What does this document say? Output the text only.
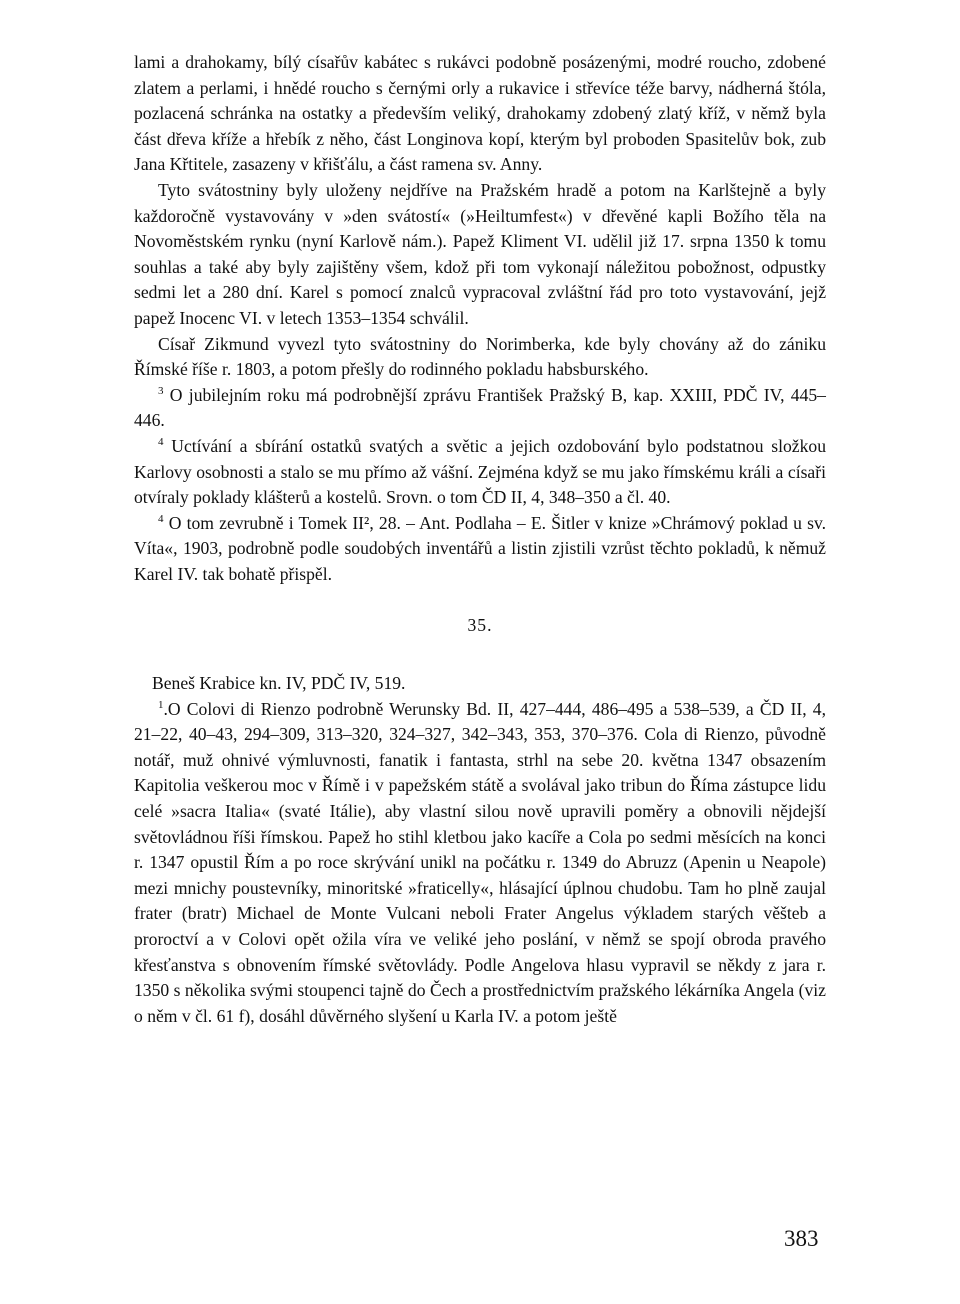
lami a drahokamy, bílý císařův kabátec s rukávci podobně posázenými, modré roucho, zdobené zlatem a perlami, i hnědé roucho s černými orly a rukavice i střevíce téže barvy, nádherná štóla, pozlacená schránka na ostatky a především veliký, drahokamy zdobený zlatý kříž, v němž byla část dřeva kříže a hřebík z něho, část Longinova kopí, kterým byl proboden Spasitelův bok, zub Jana Křtitele, zasazeny v křišťálu, a část ramena sv. Anny.

Tyto svátostniny byly uloženy nejdříve na Pražském hradě a potom na Karlštejně a byly každoročně vystavovány v »den svátostí« (»Heiltumfest«) v dřevěné kapli Božího těla na Novoměstském rynku (nyní Karlově nám.). Papež Kliment VI. udělil již 17. srpna 1350 k tomu souhlas a také aby byly zajištěny všem, kdož při tom vykonají náležitou pobožnost, odpustky sedmi let a 280 dní. Karel s pomocí znalců vypracoval zvláštní řád pro toto vystavování, jejž papež Inocenc VI. v letech 1353–1354 schválil.

Císař Zikmund vyvezl tyto svátostniny do Norimberka, kde byly chovány až do zániku Římské říše r. 1803, a potom přešly do rodinného pokladu habsburského.

$^3$ O jubilejním roku má podrobnější zprávu František Pražský B, kap. XXIII, PDČ IV, 445–446.

$^4$ Uctívání a sbírání ostatků svatých a světic a jejich ozdobování bylo podstatnou složkou Karlovy osobnosti a stalo se mu přímo až vášní. Zejména když se mu jako římskému králi a císaři otvíraly poklady klášterů a kostelů. Srovn. o tom ČD II, 4, 348–350 a čl. 40.

$^4$ O tom zevrubně i Tomek II², 28. – Ant. Podlaha – E. Šitler v knize »Chrámový poklad u sv. Víta«, 1903, podrobně podle soudobých inventářů a listin zjistili vzrůst těchto pokladů, k němuž Karel IV. tak bohatě přispěl.

35.

Beneš Krabice kn. IV, PDČ IV, 519.

$^1$.O Colovi di Rienzo podrobně Werunsky Bd. II, 427–444, 486–495 a 538–539, a ČD II, 4, 21–22, 40–43, 294–309, 313–320, 324–327, 342–343, 353, 370–376. Cola di Rienzo, původně notář, muž ohnivé výmluvnosti, fanatik i fantasta, strhl na sebe 20. května 1347 obsazením Kapitolia veškerou moc v Římě i v papežském státě a svolával jako tribun do Říma zástupce lidu celé »sacra Italia« (svaté Itálie), aby vlastní silou nově upravili poměry a obnovili nějdejší světovládnou říši římskou. Papež ho stihl kletbou jako kacíře a Cola po sedmi měsících na konci r. 1347 opustil Řím a po roce skrývání unikl na počátku r. 1349 do Abruzz (Apenin u Neapole) mezi mnichy poustevníky, minoritské »fraticelly«, hlásající úplnou chudobu. Tam ho plně zaujal frater (bratr) Michael de Monte Vulcani neboli Frater Angelus výkladem starých věšteb a proroctví a v Colovi opět ožila víra ve veliké jeho poslání, v němž se spojí obroda pravého křesťanstva s obnovením římské světovlády. Podle Angelova hlasu vypravil se někdy z jara r. 1350 s několika svými stoupenci tajně do Čech a prostřednictvím pražského lékárníka Angela (viz o něm v čl. 61 f), dosáhl důvěrného slyšení u Karla IV. a potom ještě

383
